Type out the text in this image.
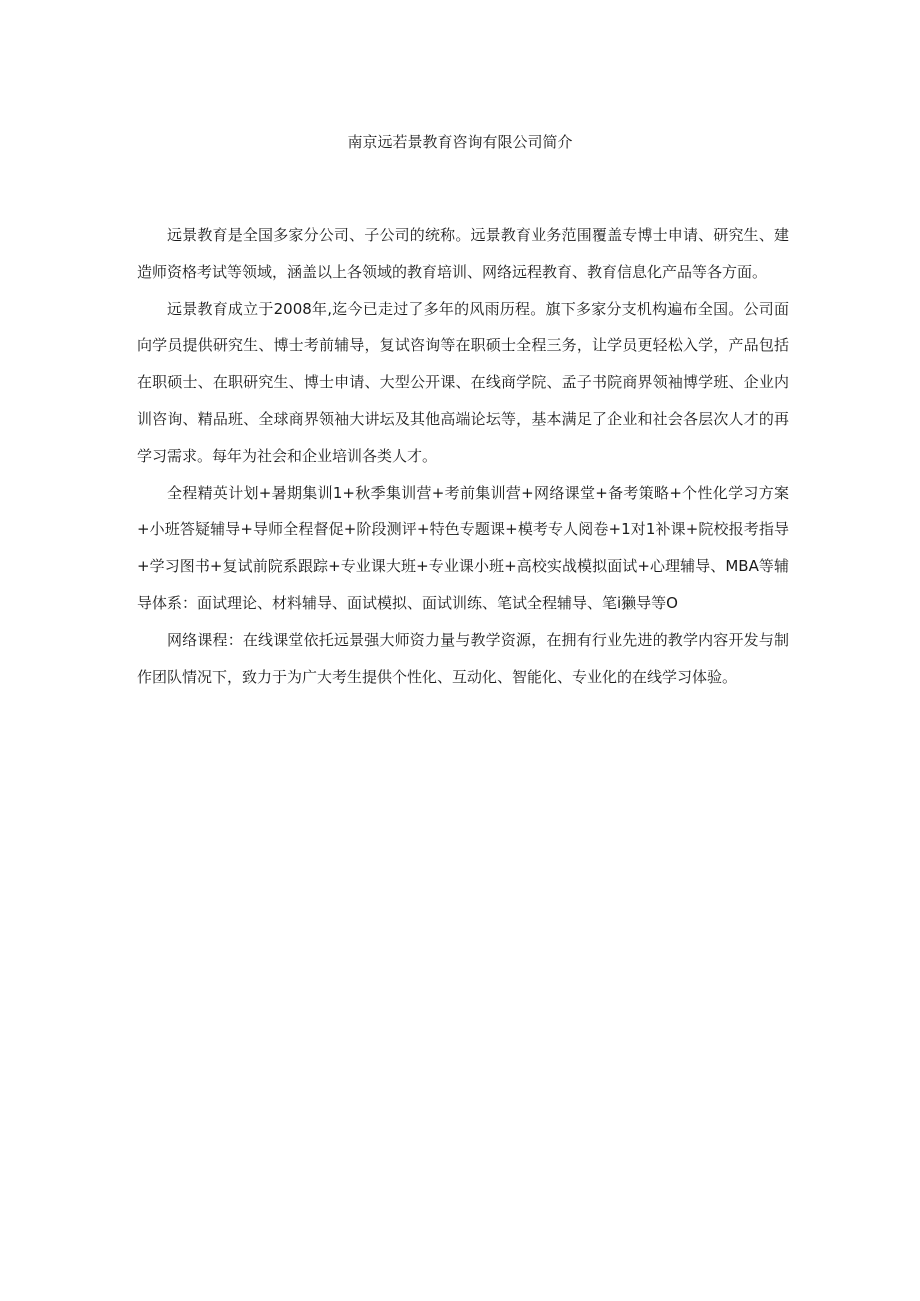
南京远若景教育咨询有限公司简介

远景教育是全国多家分公司、子公司的统称。远景教育业务范围覆盖专博士申请、研究生、建造师资格考试等领域，涵盖以上各领域的教育培训、网络远程教育、教育信息化产品等各方面。

远景教育成立于2008年,迄今已走过了多年的风雨历程。旗下多家分支机构遍布全国。公司面向学员提供研究生、博士考前辅导，复试咨询等在职硕士全程三务，让学员更轻松入学，产品包括在职硕士、在职研究生、博士申请、大型公开课、在线商学院、孟子书院商界领袖博学班、企业内训咨询、精品班、全球商界领袖大讲坛及其他高端论坛等，基本满足了企业和社会各层次人才的再学习需求。每年为社会和企业培训各类人才。

全程精英计划+暑期集训1+秋季集训营+考前集训营+网络课堂+备考策略+个性化学习方案+小班答疑辅导+导师全程督促+阶段测评+特色专题课+模考专人阅卷+1对1补课+院校报考指导+学习图书+复试前院系跟踪+专业课大班+专业课小班+高校实战模拟面试+心理辅导、MBA等辅导体系：面试理论、材料辅导、面试模拟、面试训练、笔试全程辅导、笔i獭导等O

网络课程：在线课堂依托远景强大师资力量与教学资源，在拥有行业先进的教学内容开发与制作团队情况下，致力于为广大考生提供个性化、互动化、智能化、专业化的在线学习体验。
